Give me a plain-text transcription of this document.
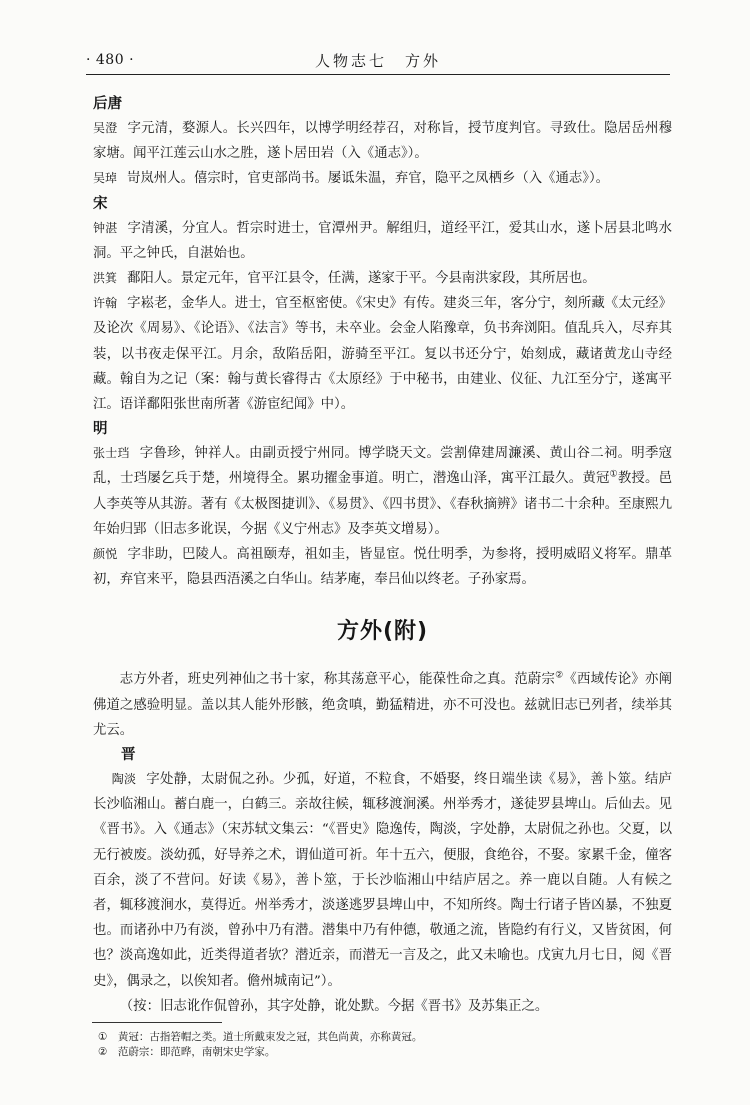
· 480 ·	人物志七　方外
后唐

吴澄 字元清，婺源人。长兴四年，以博学明经荐召，对称旨，授节度判官。寻致仕。隐居岳州穆家塘。闻平江莲云山水之胜，遂卜居田岩（入《通志》）。

吴琸 岢岚州人。僖宗时，官吏部尚书。屡诋朱温，弃官，隐平之凤栖乡（入《通志》）。

宋

钟湛 字清溪，分宜人。哲宗时进士，官潭州尹。解组归，道经平江，爱其山水，遂卜居县北鸣水洞。平之钟氏，自湛始也。

洪箕 鄱阳人。景定元年，官平江县令，任满，遂家于平。今县南洪家段，其所居也。

许翰 字崧老，金华人。进士，官至枢密使。《宋史》有传。建炎三年，客分宁，刻所藏《太元经》及论次《周易》、《论语》、《法言》等书，未卒业。会金人陷豫章，负书奔浏阳。值乱兵入，尽弃其装，以书夜走保平江。月余，敌陷岳阳，游骑至平江。复以书还分宁，始刻成，藏诸黄龙山寺经藏。翰自为之记（案：翰与黄长睿得古《太原经》于中秘书，由建业、仪征、九江至分宁，遂寓平江。语详鄱阳张世南所著《游宦纪闻》中）。

明

张士珰 字鲁珍，钟祥人。由副贡授宁州同。博学晓天文。尝割偉建周濂溪、黄山谷二祠。明季寇乱，士珰屡乞兵于楚，州境得全。累功擢金事道。明亡，潜逸山泽，寓平江最久。黄冠①教授。邑人李英等从其游。著有《太极图捷训》、《易贯》、《四书贯》、《春秋摘辨》诸书二十余种。至康熙九年始归郢（旧志多讹误，今据《义宁州志》及李英文增易）。

颜悦 字非助，巴陵人。高祖颐寿，祖如圭，皆显宦。悦仕明季，为参将，授明威昭义将军。鼎革初，弃官来平，隐县西浯溪之白华山。结茅庵，奉吕仙以终老。子孙家焉。

方外(附)

志方外者，班史列神仙之书十家，称其荡意平心，能葆性命之真。范蔚宗②《西域传论》亦阐佛道之感验明显。盖以其人能外形骸，绝贪嗔，勤猛精进，亦不可没也。兹就旧志已列者，续举其尤云。

晋

陶淡 字处静，太尉侃之孙。少孤，好道，不粒食，不婚娶，终日端坐读《易》，善卜筮。结庐长沙临湘山。蓄白鹿一，白鹤三。亲故往候，辄移渡涧溪。州举秀才，遂徒罗县埤山。后仙去。见《晋书》。入《通志》（宋苏轼文集云：“《晋史》隐逸传，陶淡，字处静，太尉侃之孙也。父夏，以无行被废。淡幼孤，好导养之术，谓仙道可祈。年十五六，便服，食绝谷，不娶。家累千金，僮客百余，淡了不营问。好读《易》，善卜筮，于长沙临湘山中结庐居之。养一鹿以自随。人有候之者，辄移渡涧水，莫得近。州举秀才，淡遂逃罗县埤山中，不知所终。陶士行诸子皆凶暴，不独夏也。而诸孙中乃有淡，曾孙中乃有潜。潜集中乃有仲德，敬通之流，皆隐约有行义，又皆贫困，何也？淡高逸如此，近类得道者欤？潜近亲，而潜无一言及之，此又未喻也。戊寅九月七日，阅《晋史》，偶录之，以俟知者。儋州城南记”）。

（按：旧志讹作侃曾孙，其字处静，讹处默。今据《晋书》及苏集正之。

①　黄冠：古指箬帽之类。道士所戴束发之冠，其色尚黄，亦称黄冠。
②　范蔚宗：即范晔，南朝宋史学家。
